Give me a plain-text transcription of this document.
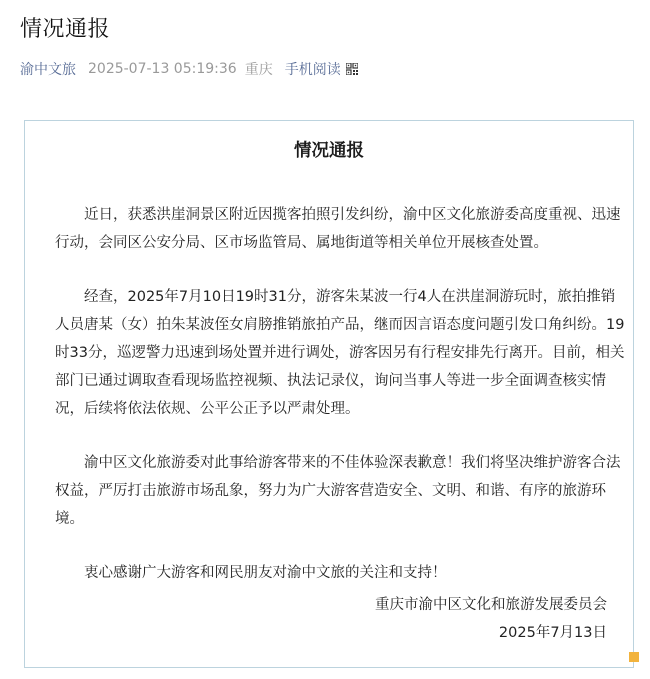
情况通报
渝中文旅 2025-07-13 05:19:36 重庆 手机阅读
情况通报

近日，获悉洪崖洞景区附近因揽客拍照引发纠纷，渝中区文化旅游委高度重视、迅速行动，会同区公安分局、区市场监管局、属地街道等相关单位开展核查处置。

经查，2025年7月10日19时31分，游客朱某波一行4人在洪崖洞游玩时，旅拍推销人员唐某（女）拍朱某波侄女肩膀推销旅拍产品，继而因言语态度问题引发口角纠纷。19时33分，巡逻警力迅速到场处置并进行调处，游客因另有行程安排先行离开。目前，相关部门已通过调取查看现场监控视频、执法记录仪，询问当事人等进一步全面调查核实情况，后续将依法依规、公平公正予以严肃处理。

渝中区文化旅游委对此事给游客带来的不佳体验深表歉意！我们将坚决维护游客合法权益，严厉打击旅游市场乱象，努力为广大游客营造安全、文明、和谐、有序的旅游环境。

衷心感谢广大游客和网民朋友对渝中文旅的关注和支持！

重庆市渝中区文化和旅游发展委员会
2025年7月13日
